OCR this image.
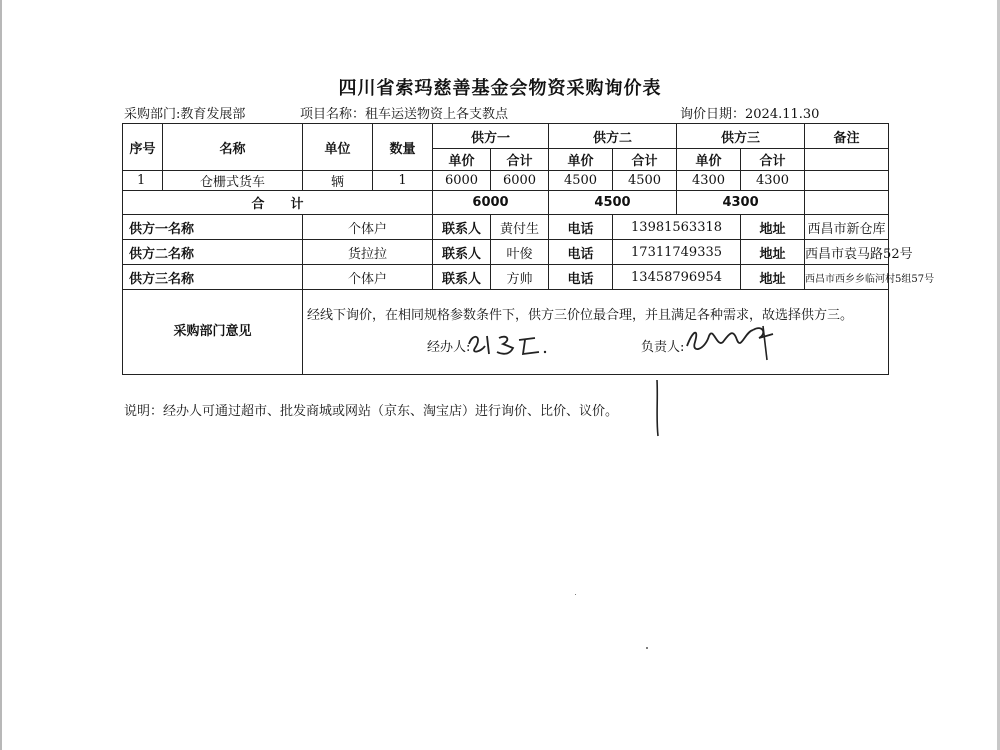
四川省索玛慈善基金会物资采购询价表
采购部门:教育发展部	项目名称：租车运送物资上各支教点	询价日期：2024.11.30
序号	名称	单位	数量	供方一		供方二		供方三		备注
				单价	合计	单价	合计	单价	合计	
1	仓栅式货车	辆	1	6000	6000	4500	4500	4300	4300	
合　　计				6000		4500		4300		
供方一名称		个体户		联系人	黄付生	电话	13981563318		地址	西昌市新仓库
供方二名称		货拉拉		联系人	叶俊	电话	17311749335		地址	西昌市袁马路52号
供方三名称		个体户		联系人	方帅	电话	13458796954		地址	西昌市西乡乡临河村5组57号
采购部门意见		经线下询价，在相同规格参数条件下，供方三价位最合理，并且满足各种需求，故选择供方三。
经办人: 负责人:								
说明：经办人可通过超市、批发商城或网站（京东、淘宝店）进行询价、比价、议价。
